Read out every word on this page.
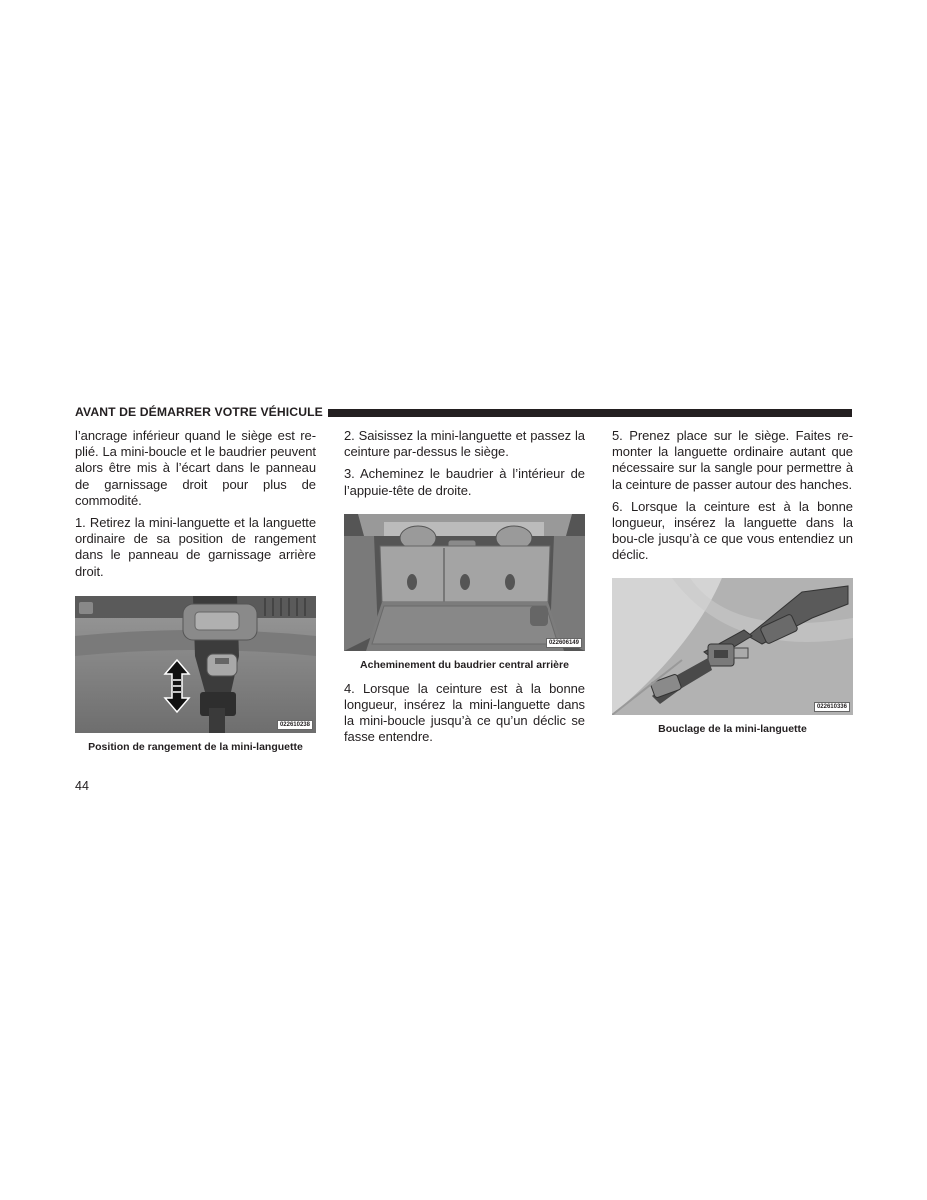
AVANT DE DÉMARRER VOTRE VÉHICULE

l’ancrage inférieur quand le siège est re-plié. La mini-boucle et le baudrier peuvent alors être mis à l’écart dans le panneau de garnissage droit pour plus de commodité.

1. Retirez la mini-languette et la languette ordinaire de sa position de rangement dans le panneau de garnissage arrière droit.

022610238
Position de rangement de la mini-languette

2. Saisissez la mini-languette et passez la ceinture par-dessus le siège.

3. Acheminez le baudrier à l’intérieur de l’appuie-tête de droite.

022606149
Acheminement du baudrier central arrière

4. Lorsque la ceinture est à la bonne longueur, insérez la mini-languette dans la mini-boucle jusqu’à ce qu’un déclic se fasse entendre.

5. Prenez place sur le siège. Faites re-monter la languette ordinaire autant que nécessaire sur la sangle pour permettre à la ceinture de passer autour des hanches.

6. Lorsque la ceinture est à la bonne longueur, insérez la languette dans la bou-cle jusqu’à ce que vous entendiez un déclic.

022610336
Bouclage de la mini-languette
44
